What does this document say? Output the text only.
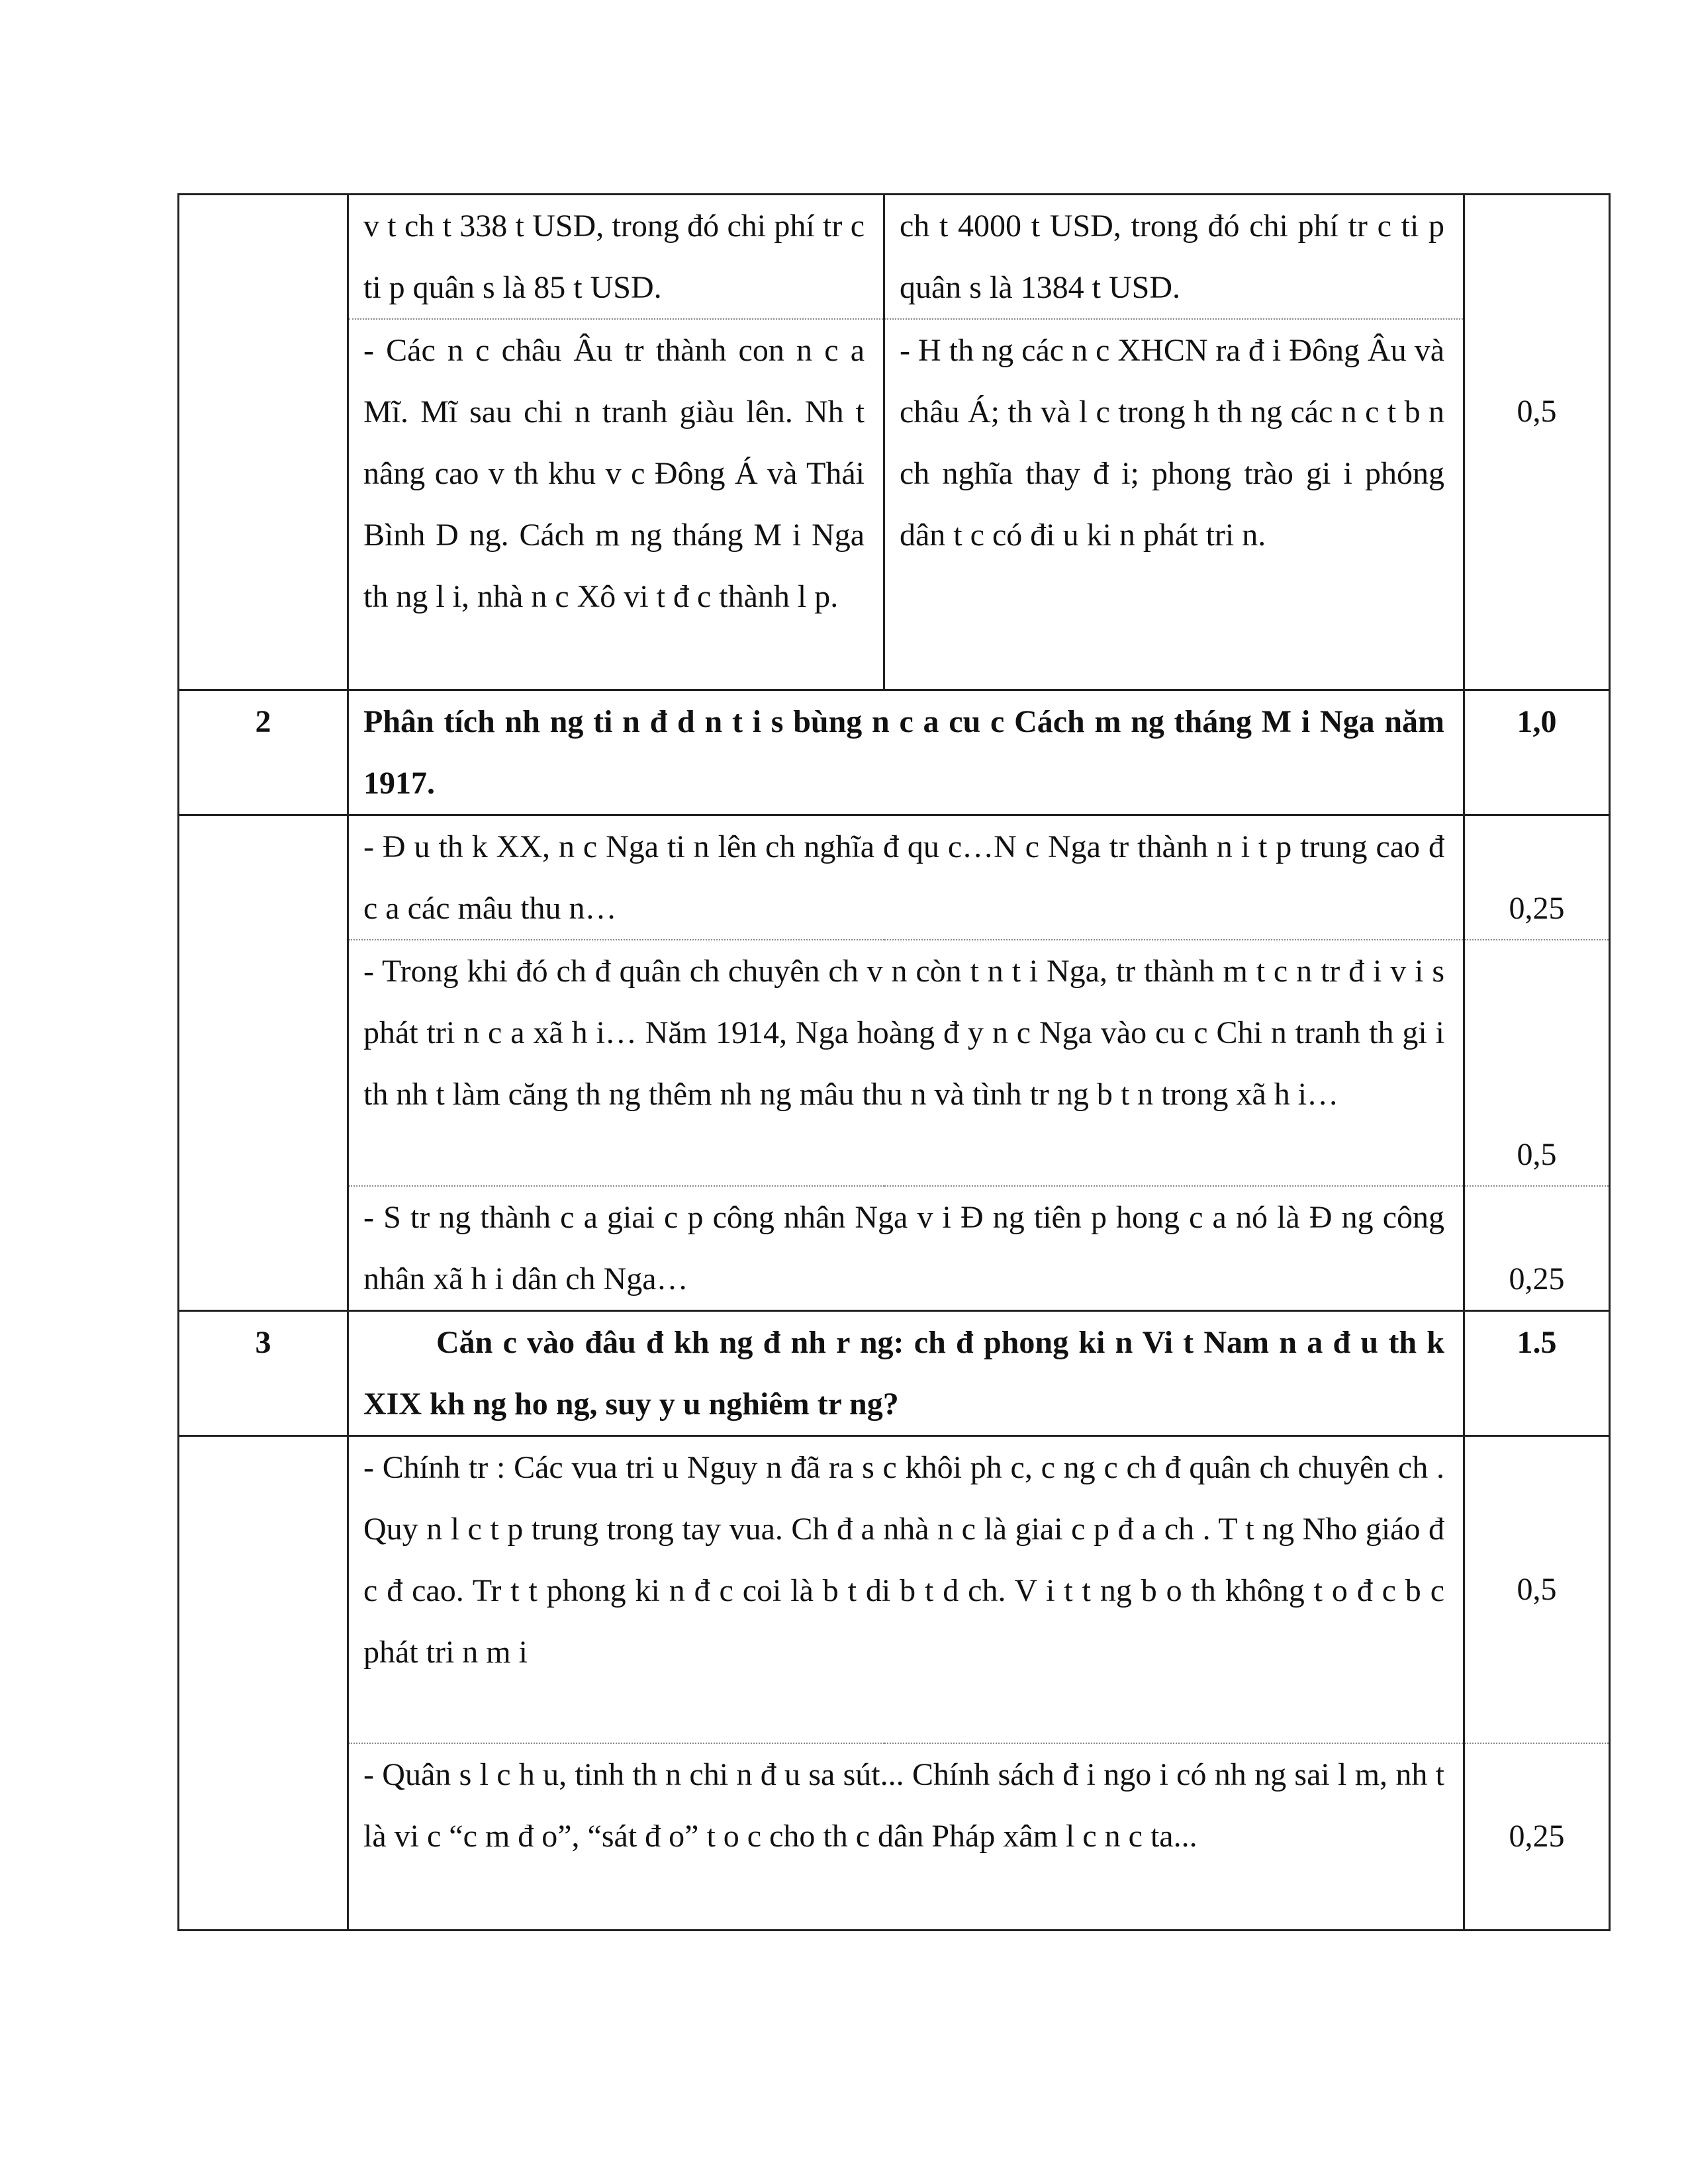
	v t ch t 338 t USD, trong đó chi phí tr c ti p quân s là 85 t USD.	ch t 4000 t USD, trong đó chi phí tr c ti p quân s là 1384 t USD.	

	- Các n c châu Âu tr thành con n c a Mĩ. Mĩ sau chi n tranh giàu lên. Nh t nâng cao v th khu v c Đông Á và Thái Bình D ng. Cách m ng tháng M i Nga th ng l i, nhà n c Xô vi t đ c thành l p.	- H th ng các n c XHCN ra đ i Đông Âu và châu Á; th và l c trong h th ng các n c t b n ch nghĩa thay đ i; phong trào gi i phóng dân t c có đi u ki n phát tri n.	0,5

2	Phân tích nh ng ti n đ d n t i s bùng n c a cu c Cách m ng tháng M i Nga năm 1917.		1,0

	- Đ u th k XX, n c Nga ti n lên ch nghĩa đ qu c…N c Nga tr thành n i t p trung cao đ c a các mâu thu n…		0,25

	- Trong khi đó ch đ quân ch chuyên ch v n còn t n t i Nga, tr thành m t c n tr đ i v i s phát tri n c a xã h i… Năm 1914, Nga hoàng đ y n c Nga vào cu c Chi n tranh th gi i th nh t làm căng th ng thêm nh ng mâu thu n và tình tr ng b t n trong xã h i…		0,5

	- S tr ng thành c a giai c p công nhân Nga v i Đ ng tiên p hong c a nó là Đ ng công nhân xã h i dân ch Nga…		0,25

3	Căn c vào đâu đ kh ng đ nh r ng: ch đ phong ki n Vi t Nam n a đ u th k XIX kh ng ho ng, suy y u nghiêm tr ng?		1.5

	- Chính tr : Các vua tri u Nguy n đã ra s c khôi ph c, c ng c ch đ quân ch chuyên ch . Quy n l c t p trung trong tay vua. Ch đ a nhà n c là giai c p đ a ch . T t ng Nho giáo đ c đ cao. Tr t t phong ki n đ c coi là b t di b t d ch. V i t t ng b o th không t o đ c b c phát tri n m i		0,5

	- Quân s l c h u, tinh th n chi n đ u sa sút... Chính sách đ i ngo i có nh ng sai l m, nh t là vi c “c m đ o”, “sát đ o” t o c cho th c dân Pháp xâm l c n c ta...		0,25
